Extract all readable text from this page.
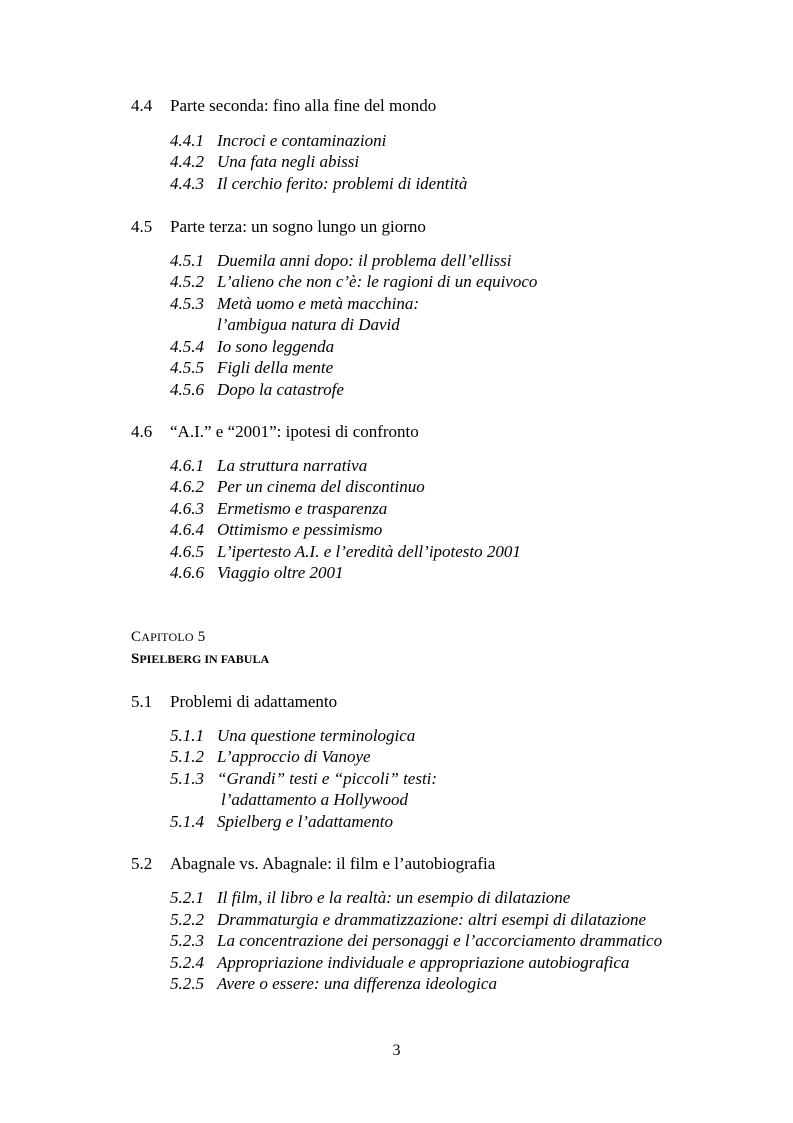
4.4 Parte seconda: fino alla fine del mondo
4.4.1 Incroci e contaminazioni
4.4.2 Una fata negli abissi
4.4.3 Il cerchio ferito: problemi di identità
4.5 Parte terza: un sogno lungo un giorno
4.5.1 Duemila anni dopo: il problema dell’ellissi
4.5.2 L’alieno che non c’è: le ragioni di un equivoco
4.5.3 Metà uomo e metà macchina:
l’ambigua natura di David
4.5.4 Io sono leggenda
4.5.5 Figli della mente
4.5.6 Dopo la catastrofe
4.6 “A.I.” e “2001”: ipotesi di confronto
4.6.1 La struttura narrativa
4.6.2 Per un cinema del discontinuo
4.6.3 Ermetismo e trasparenza
4.6.4 Ottimismo e pessimismo
4.6.5 L’ipertesto A.I. e l’eredità dell’ipotesto 2001
4.6.6 Viaggio oltre 2001
CAPITOLO 5
SPIELBERG IN FABULA
5.1 Problemi di adattamento
5.1.1 Una questione terminologica
5.1.2 L’approccio di Vanoye
5.1.3 “Grandi” testi e “piccoli” testi:
l’adattamento a Hollywood
5.1.4 Spielberg e l’adattamento
5.2 Abagnale vs. Abagnale: il film e l’autobiografia
5.2.1 Il film, il libro e la realtà: un esempio di dilatazione
5.2.2 Drammaturgia e drammatizzazione: altri esempi di dilatazione
5.2.3 La concentrazione dei personaggi e l’accorciamento drammatico
5.2.4 Appropriazione individuale e appropriazione autobiografica
5.2.5 Avere o essere: una differenza ideologica
3
